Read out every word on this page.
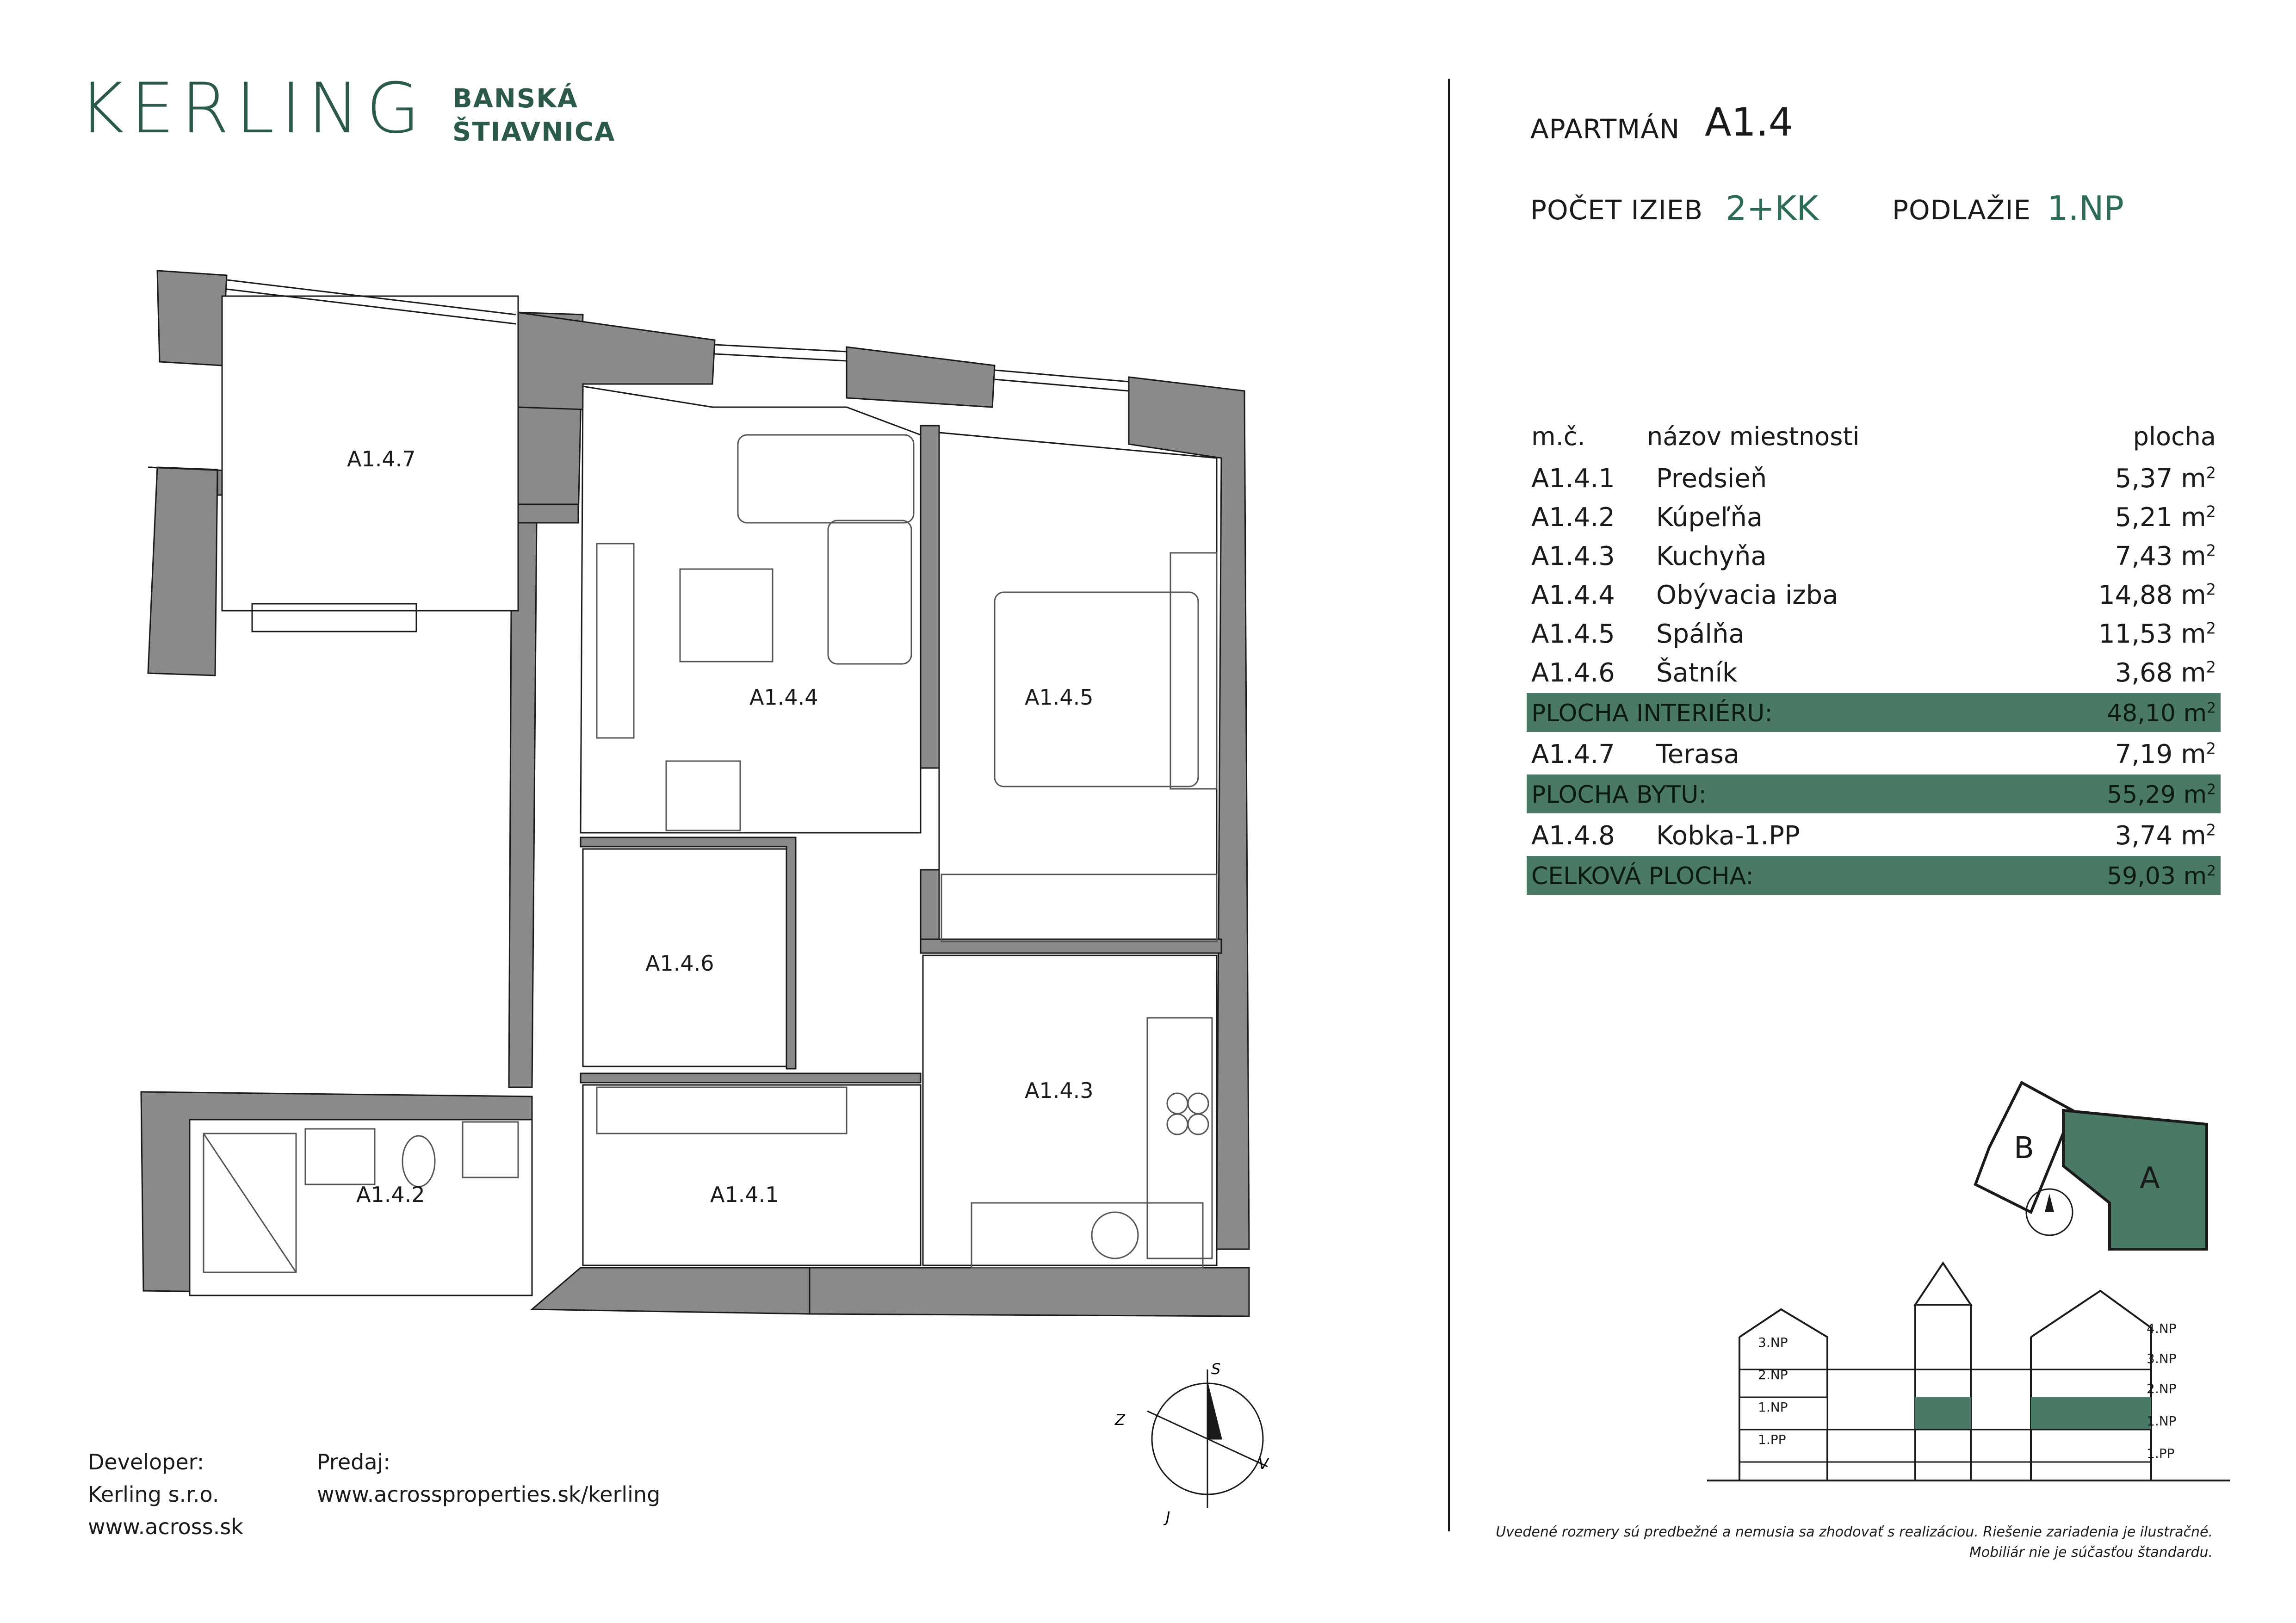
KERLING BANSKÁ
ŠTIAVNICA	APARTMÁN A1.4
POČET IZIEB 2+KK	PODLAŽIE 1.NP
m.č. názov miestnosti	plocha
A1.4.1 Predsieň	5,37 $m^2$
A1.4.2 Kúpeľňa	5,21 $m^2$
A1.4.3 Kuchyňa	7,43 $m^2$
A1.4.4 Obývacia izba	14,88 $m^2$
A1.4.5 Spálňa	11,53 $m^2$
A1.4.6 Šatník	3,68 $m^2$
PLOCHA INTERIÉRU:	48,10 $m^2$
A1.4.7 Terasa	7,19 $m^2$
PLOCHA BYTU:	55,29 $m^2$
A1.4.8 Kobka-1.PP	3,74 $m^2$
CELKOVÁ PLOCHA:	59,03 $m^2$
S
J
V
Z
A1.4.7
A1.4.4	A1.4.5
A1.4.6
A1.4.3
A1.4.1
A1.4.2
B
A
3.NP
2.NP
1.NP
1.PP
4.NP
3.NP
2.NP
1.NP
1.PP
Developer:
Kerling s.r.o.
www.across.sk
Predaj:
www.acrossproperties.sk/kerling
Uvedené rozmery sú predbežné a nemusia sa zhodovať s realizáciou. Riešenie zariadenia je ilustračné.
Mobiliár nie je súčasťou štandardu.
